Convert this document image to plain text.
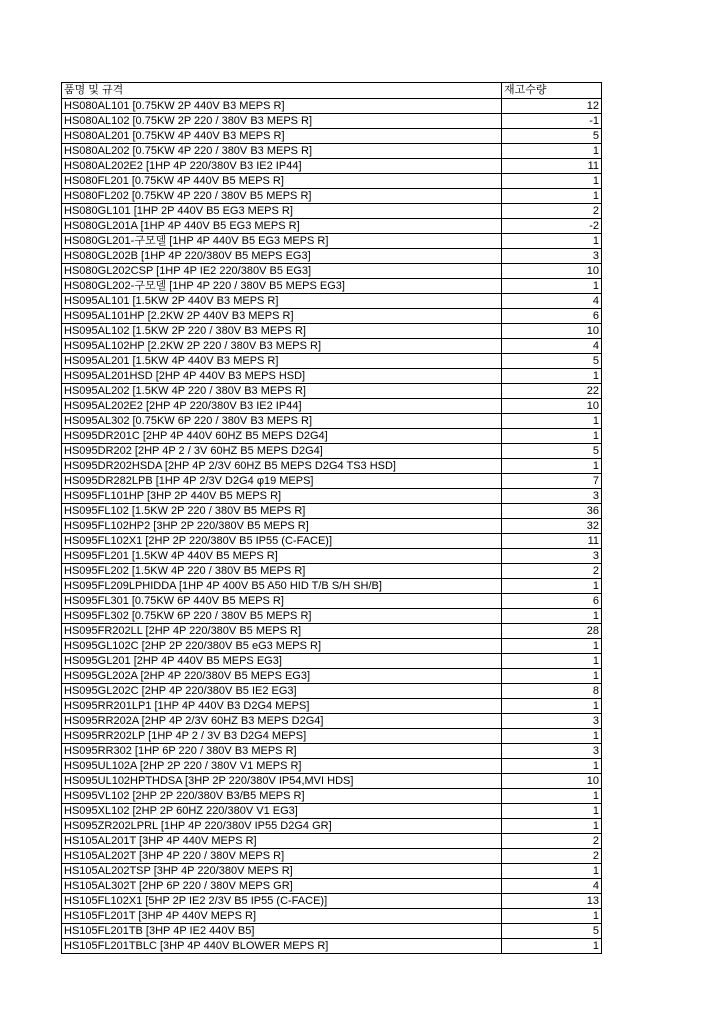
품명 및 규격	재고수량
HS080AL101 [0.75KW 2P 440V B3 MEPS R]	12
HS080AL102 [0.75KW 2P 220 / 380V B3 MEPS R]	-1
HS080AL201 [0.75KW 4P 440V B3 MEPS R]	5
HS080AL202 [0.75KW 4P 220 / 380V B3 MEPS R]	1
HS080AL202E2 [1HP 4P 220/380V B3 IE2 IP44]	11
HS080FL201 [0.75KW 4P 440V B5 MEPS R]	1
HS080FL202 [0.75KW 4P 220 / 380V B5 MEPS R]	1
HS080GL101 [1HP 2P 440V B5 EG3 MEPS R]	2
HS080GL201A [1HP 4P 440V B5 EG3 MEPS R]	-2
HS080GL201-구모델 [1HP 4P 440V B5 EG3 MEPS R]	1
HS080GL202B [1HP 4P 220/380V B5 MEPS EG3]	3
HS080GL202CSP [1HP 4P IE2 220/380V B5 EG3]	10
HS080GL202-구모델 [1HP 4P 220 / 380V B5 MEPS EG3]	1
HS095AL101 [1.5KW 2P 440V B3 MEPS R]	4
HS095AL101HP [2.2KW 2P 440V B3 MEPS R]	6
HS095AL102 [1.5KW 2P 220 / 380V B3 MEPS R]	10
HS095AL102HP [2.2KW 2P 220 / 380V B3 MEPS R]	4
HS095AL201 [1.5KW 4P 440V B3 MEPS R]	5
HS095AL201HSD [2HP 4P 440V B3 MEPS HSD]	1
HS095AL202 [1.5KW 4P 220 / 380V B3 MEPS R]	22
HS095AL202E2 [2HP 4P 220/380V B3 IE2 IP44]	10
HS095AL302 [0.75KW 6P 220 / 380V B3 MEPS R]	1
HS095DR201C [2HP 4P 440V 60HZ B5 MEPS D2G4]	1
HS095DR202 [2HP 4P 2 / 3V 60HZ B5 MEPS D2G4]	5
HS095DR202HSDA [2HP 4P 2/3V 60HZ B5 MEPS D2G4 TS3 HSD]	1
HS095DR282LPB [1HP 4P 2/3V D2G4 φ19 MEPS]	7
HS095FL101HP [3HP 2P 440V B5 MEPS R]	3
HS095FL102 [1.5KW 2P 220 / 380V B5 MEPS R]	36
HS095FL102HP2 [3HP 2P 220/380V B5 MEPS R]	32
HS095FL102X1 [2HP 2P 220/380V B5 IP55 (C-FACE)]	11
HS095FL201 [1.5KW 4P 440V B5 MEPS R]	3
HS095FL202 [1.5KW 4P 220 / 380V B5 MEPS R]	2
HS095FL209LPHIDDA [1HP 4P 400V B5 A50 HID T/B S/H SH/B]	1
HS095FL301 [0.75KW 6P 440V B5 MEPS R]	6
HS095FL302 [0.75KW 6P 220 / 380V B5 MEPS R]	1
HS095FR202LL [2HP 4P 220/380V B5 MEPS R]	28
HS095GL102C [2HP 2P 220/380V B5 eG3 MEPS R]	1
HS095GL201 [2HP 4P 440V B5 MEPS EG3]	1
HS095GL202A [2HP 4P 220/380V B5 MEPS EG3]	1
HS095GL202C [2HP 4P 220/380V B5 IE2 EG3]	8
HS095RR201LP1 [1HP 4P 440V B3 D2G4 MEPS]	1
HS095RR202A [2HP 4P 2/3V 60HZ B3 MEPS D2G4]	3
HS095RR202LP [1HP 4P 2 / 3V B3 D2G4 MEPS]	1
HS095RR302 [1HP 6P 220 / 380V B3 MEPS R]	3
HS095UL102A [2HP 2P 220 / 380V V1 MEPS R]	1
HS095UL102HPTHDSA [3HP 2P 220/380V IP54,MVI HDS]	10
HS095VL102 [2HP 2P 220/380V B3/B5 MEPS R]	1
HS095XL102 [2HP 2P 60HZ 220/380V V1 EG3]	1
HS095ZR202LPRL [1HP 4P 220/380V IP55 D2G4 GR]	1
HS105AL201T [3HP 4P 440V MEPS R]	2
HS105AL202T [3HP 4P 220 / 380V MEPS R]	2
HS105AL202TSP [3HP 4P 220/380V MEPS R]	1
HS105AL302T [2HP 6P 220 / 380V MEPS GR]	4
HS105FL102X1 [5HP 2P IE2 2/3V B5 IP55 (C-FACE)]	13
HS105FL201T [3HP 4P 440V MEPS R]	1
HS105FL201TB [3HP 4P IE2 440V B5]	5
HS105FL201TBLC [3HP 4P 440V BLOWER MEPS R]	1
